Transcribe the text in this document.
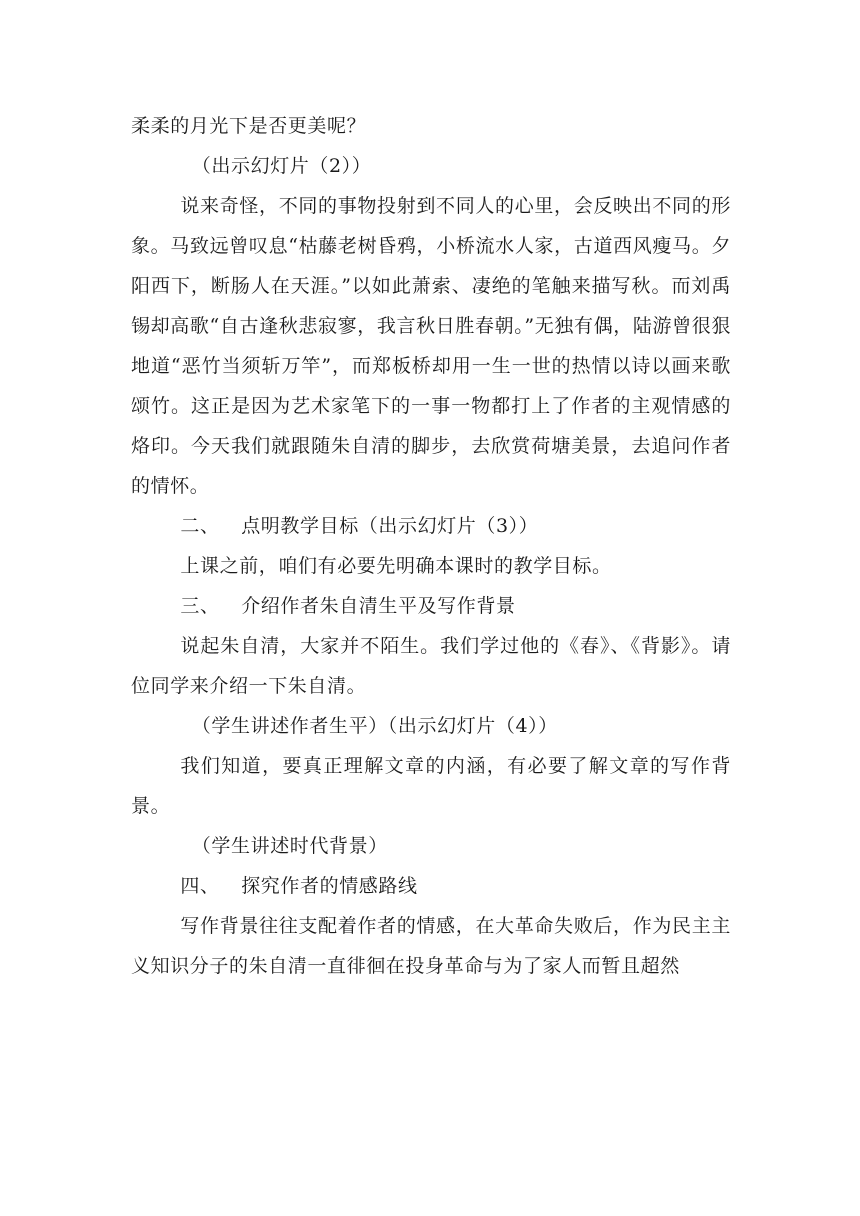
柔柔的月光下是否更美呢？

（出示幻灯片（2））

说来奇怪，不同的事物投射到不同人的心里，会反映出不同的形象。马致远曾叹息“枯藤老树昏鸦，小桥流水人家，古道西风瘦马。夕阳西下，断肠人在天涯。”以如此萧索、凄绝的笔触来描写秋。而刘禹锡却高歌“自古逢秋悲寂寥，我言秋日胜春朝。”无独有偶，陆游曾很狠地道“恶竹当须斩万竿”，而郑板桥却用一生一世的热情以诗以画来歌颂竹。这正是因为艺术家笔下的一事一物都打上了作者的主观情感的烙印。今天我们就跟随朱自清的脚步，去欣赏荷塘美景，去追问作者的情怀。

二、 点明教学目标（出示幻灯片（3））

上课之前，咱们有必要先明确本课时的教学目标。

三、 介绍作者朱自清生平及写作背景

说起朱自清，大家并不陌生。我们学过他的《春》、《背影》。请位同学来介绍一下朱自清。

（学生讲述作者生平）（出示幻灯片（4））

我们知道，要真正理解文章的内涵，有必要了解文章的写作背景。

（学生讲述时代背景）

四、 探究作者的情感路线

写作背景往往支配着作者的情感，在大革命失败后，作为民主主义知识分子的朱自清一直徘徊在投身革命与为了家人而暂且超然
